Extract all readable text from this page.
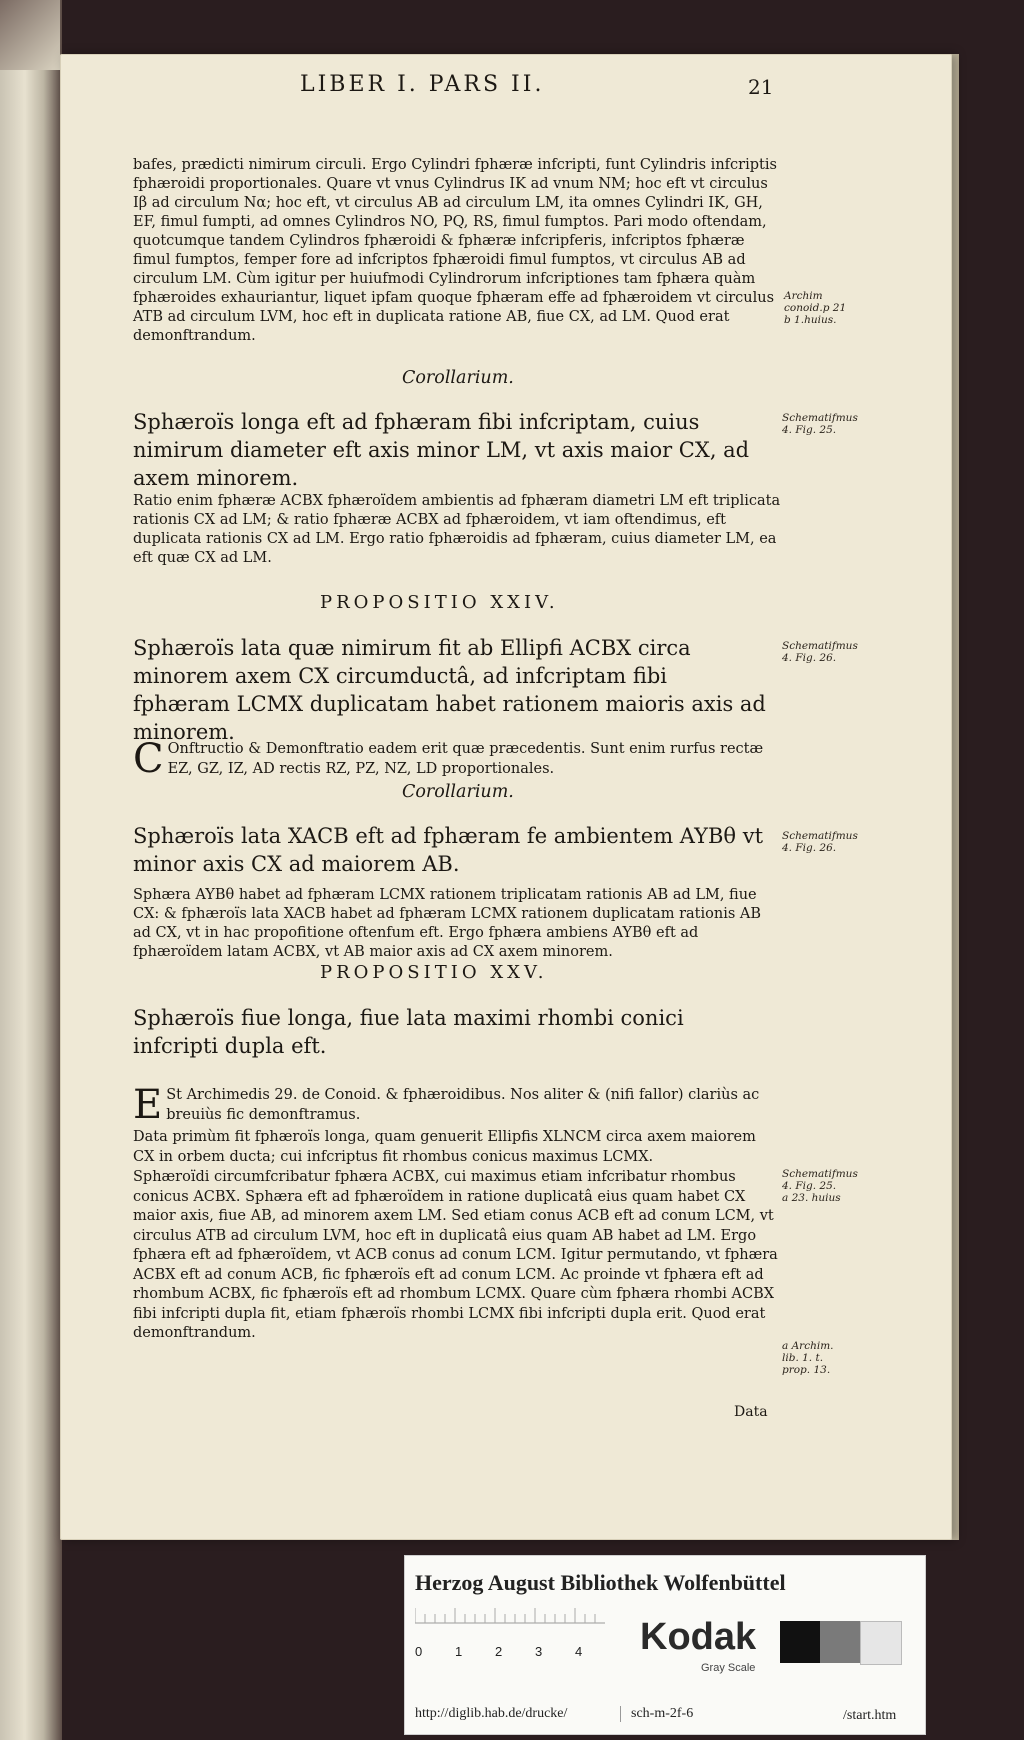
LIBER I. PARS II.	21
bafes, prædicti nimirum circuli. Ergo Cylindri fphæræ infcripti, funt Cylindris infcriptis fphæroidi proportionales. Quare vt vnus Cylindrus IK ad vnum NM; hoc eft vt circulus Iβ ad circulum Nα; hoc eft, vt circulus AB ad circulum LM, ita omnes Cylindri IK, GH, EF, fimul fumpti, ad omnes Cylindros NO, PQ, RS, fimul fumptos. Pari modo oftendam, quotcumque tandem Cylindros fphæroidi & fphæræ infcripferis, infcriptos fphæræ fimul fumptos, femper fore ad infcriptos fphæroidi fimul fumptos, vt circulus AB ad circulum LM. Cùm igitur per huiufmodi Cylindrorum infcriptiones tam fphæra quàm fphæroides exhauriantur, liquet ipfam quoque fphæram effe ad fphæroidem vt circulus ATB ad circulum LVM, hoc eft in duplicata ratione AB, fiue CX, ad LM. Quod erat demonftrandum.
Archim conoid.p 21 b 1.huius.
Corollarium.
Sphæroïs longa eft ad fphæram fibi infcriptam, cuius nimirum diameter eft axis minor LM, vt axis maior CX, ad axem minorem.
Schematifmus 4. Fig. 25.
Ratio enim fphæræ ACBX fphæroïdem ambientis ad fphæram diametri LM eft triplicata rationis CX ad LM; & ratio fphæræ ACBX ad fphæroidem, vt iam oftendimus, eft duplicata rationis CX ad LM. Ergo ratio fphæroidis ad fphæram, cuius diameter LM, ea eft quæ CX ad LM.
PROPOSITIO XXIV.
Sphæroïs lata quæ nimirum fit ab Ellipfi ACBX circa minorem axem CX circumductâ, ad infcriptam fibi fphæram LCMX duplicatam habet rationem maioris axis ad minorem.
Schematifmus 4. Fig. 26.
C Onftructio & Demonftratio eadem erit quæ præcedentis. Sunt enim rurfus rectæ EZ, GZ, IZ, AD rectis RZ, PZ, NZ, LD proportionales.
Corollarium.
Sphæroïs lata XACB eft ad fphæram fe ambientem AYBθ vt minor axis CX ad maiorem AB.
Schematifmus 4. Fig. 26.
Sphæra AYBθ habet ad fphæram LCMX rationem triplicatam rationis AB ad LM, fiue CX: & fphæroïs lata XACB habet ad fphæram LCMX rationem duplicatam rationis AB ad CX, vt in hac propofitione oftenfum eft. Ergo fphæra ambiens AYBθ eft ad fphæroïdem latam ACBX, vt AB maior axis ad CX axem minorem.
PROPOSITIO XXV.
Sphæroïs fiue longa, fiue lata maximi rhombi conici infcripti dupla eft.
E St Archimedis 29. de Conoid. & fphæroidibus. Nos aliter & (nifi fallor) clariùs ac breuiùs fic demonftramus.
Data primùm fit fphæroïs longa, quam genuerit Ellipfis XLNCM circa axem maiorem CX in orbem ducta; cui infcriptus fit rhombus conicus maximus LCMX.
Sphæroïdi circumfcribatur fphæra ACBX, cui maximus etiam infcribatur rhombus conicus ACBX. Sphæra eft ad fphæroïdem in ratione duplicatâ eius quam habet CX maior axis, fiue AB, ad minorem axem LM. Sed etiam conus ACB eft ad conum LCM, vt circulus ATB ad circulum LVM, hoc eft in duplicatâ eius quam AB habet ad LM. Ergo fphæra eft ad fphæroïdem, vt ACB conus ad conum LCM. Igitur permutando, vt fphæra ACBX eft ad conum ACB, fic fphæroïs eft ad conum LCM. Ac proinde vt fphæra eft ad rhombum ACBX, fic fphæroïs eft ad rhombum LCMX. Quare cùm fphæra rhombi ACBX fibi infcripti dupla fit, etiam fphæroïs rhombi LCMX fibi infcripti dupla erit. Quod erat demonftrandum.
Schematifmus 4. Fig. 25. a 23. huius
a Archim. lib. 1. t. prop. 13.
Data
Herzog August Bibliothek Wolfenbüttel
0	1	2	3	4 Kodak
Gray Scale
http://diglib.hab.de/drucke/	sch-m-2f-6	/start.htm
